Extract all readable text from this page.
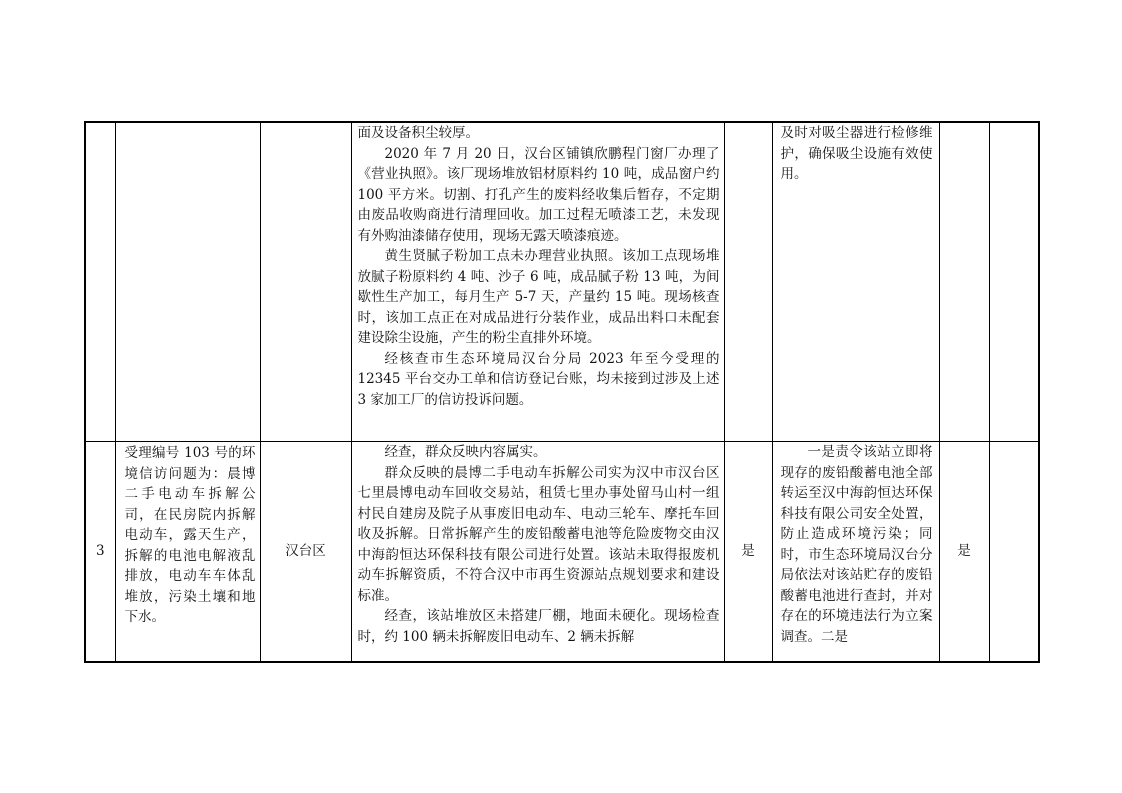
			面及设备积尘较厚。

2020 年 7 月 20 日，汉台区铺镇欣鹏程门窗厂办理了《营业执照》。该厂现场堆放铝材原料约 10 吨，成品窗户约 100 平方米。切割、打孔产生的废料经收集后暂存，不定期由废品收购商进行清理回收。加工过程无喷漆工艺，未发现有外购油漆储存使用，现场无露天喷漆痕迹。

黄生贤腻子粉加工点未办理营业执照。该加工点现场堆放腻子粉原料约 4 吨、沙子 6 吨，成品腻子粉 13 吨，为间歇性生产加工，每月生产 5-7 天，产量约 15 吨。现场核查时，该加工点正在对成品进行分装作业，成品出料口未配套建设除尘设施，产生的粉尘直排外环境。

经核查市生态环境局汉台分局 2023 年至今受理的 12345 平台交办工单和信访登记台账，均未接到过涉及上述 3 家加工厂的信访投诉问题。		及时对吸尘器进行检修维护，确保吸尘设施有效使用。		

3	受理编号 103 号的环境信访问题为：晨博二手电动车拆解公司，在民房院内拆解电动车，露天生产，拆解的电池电解液乱排放，电动车车体乱堆放，污染土壤和地下水。	汉台区	经查，群众反映内容属实。

群众反映的晨博二手电动车拆解公司实为汉中市汉台区七里晨博电动车回收交易站，租赁七里办事处留马山村一组村民自建房及院子从事废旧电动车、电动三轮车、摩托车回收及拆解。日常拆解产生的废铅酸蓄电池等危险废物交由汉中海韵恒达环保科技有限公司进行处置。该站未取得报废机动车拆解资质，不符合汉中市再生资源站点规划要求和建设标准。

经查，该站堆放区未搭建厂棚，地面未硬化。现场检查时，约 100 辆未拆解废旧电动车、2 辆未拆解	是	一是责令该站立即将现存的废铅酸蓄电池全部转运至汉中海韵恒达环保科技有限公司安全处置，防止造成环境污染；同时，市生态环境局汉台分局依法对该站贮存的废铅酸蓄电池进行查封，并对存在的环境违法行为立案调查。二是	是	
